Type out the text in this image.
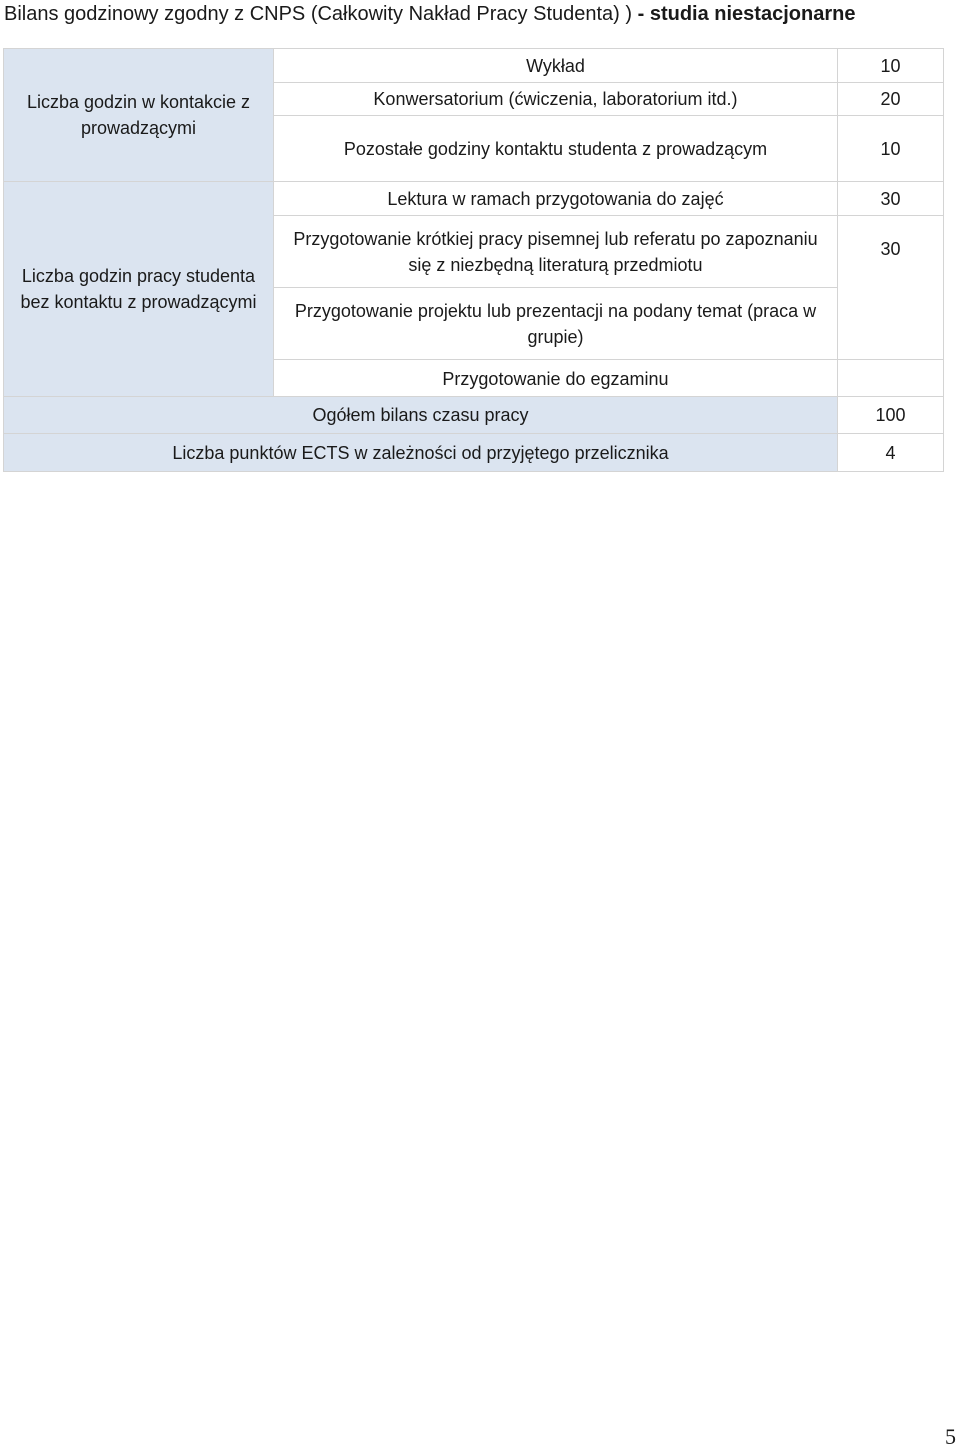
Bilans godzinowy zgodny z CNPS (Całkowity Nakład Pracy Studenta) ) - studia niestacjonarne
Liczba godzin w kontakcie z prowadzącymi	Wykład	10
	Konwersatorium (ćwiczenia, laboratorium itd.)	20
	Pozostałe godziny kontaktu studenta z prowadzącym	10
Liczba godzin pracy studenta bez kontaktu z prowadzącymi	Lektura w ramach przygotowania do zajęć	30
	Przygotowanie krótkiej pracy pisemnej lub referatu po zapoznaniu się z niezbędną literaturą przedmiotu	30
	Przygotowanie projektu lub prezentacji na podany temat (praca w grupie)	
	Przygotowanie do egzaminu	
Ogółem bilans czasu pracy		100
Liczba punktów ECTS w zależności od przyjętego przelicznika		4
5
